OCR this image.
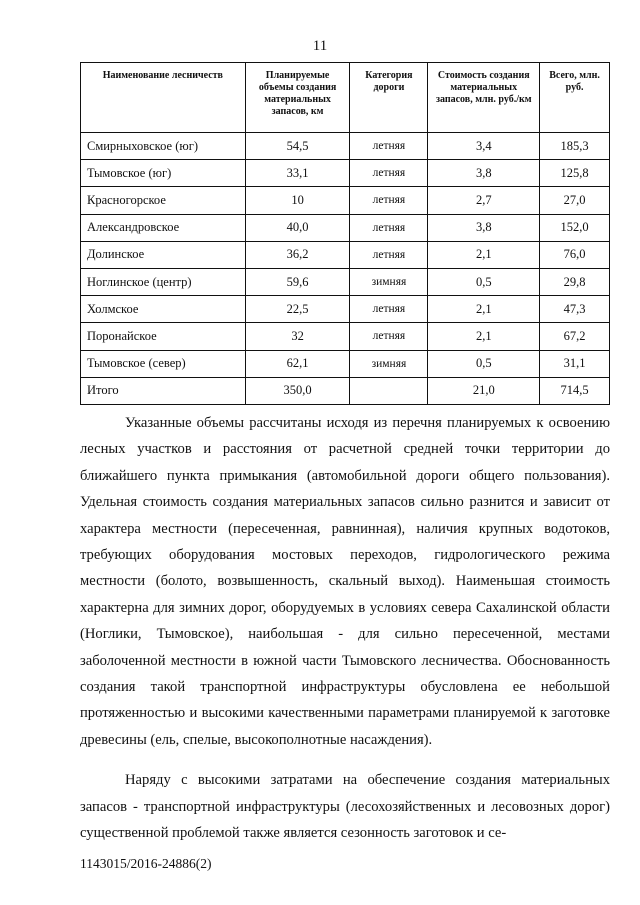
11
Наименование лесничеств	Планируемые объемы создания материальных запасов, км	Категория дороги	Стоимость создания материальных запасов, млн. руб./км	Всего, млн. руб.
Смирныховское (юг)	54,5	летняя	3,4	185,3
Тымовское (юг)	33,1	летняя	3,8	125,8
Красногорское	10	летняя	2,7	27,0
Александровское	40,0	летняя	3,8	152,0
Долинское	36,2	летняя	2,1	76,0
Ноглинское (центр)	59,6	зимняя	0,5	29,8
Холмское	22,5	летняя	2,1	47,3
Поронайское	32	летняя	2,1	67,2
Тымовское (север)	62,1	зимняя	0,5	31,1
Итого	350,0		21,0	714,5

Указанные объемы рассчитаны исходя из перечня планируемых к освоению лесных участков и расстояния от расчетной средней точки территории до ближайшего пункта примыкания (автомобильной дороги общего пользования). Удельная стоимость создания материальных запасов сильно разнится и зависит от характера местности (пересеченная, равнинная), наличия крупных водотоков, требующих оборудования мостовых переходов, гидрологического режима местности (болото, возвышенность, скальный выход). Наименьшая стоимость характерна для зимних дорог, оборудуемых в условиях севера Сахалинской области (Ноглики, Тымовское), наибольшая - для сильно пересеченной, местами заболоченной местности в южной части Тымовского лесничества. Обоснованность создания такой транспортной инфраструктуры обусловлена ее небольшой протяженностью и высокими качественными параметрами планируемой к заготовке древесины (ель, спелые, высокополнотные насаждения).

Наряду с высокими затратами на обеспечение создания материальных запасов - транспортной инфраструктуры (лесохозяйственных и лесовозных дорог) существенной проблемой также является сезонность заготовок и се-

1143015/2016-24886(2)
